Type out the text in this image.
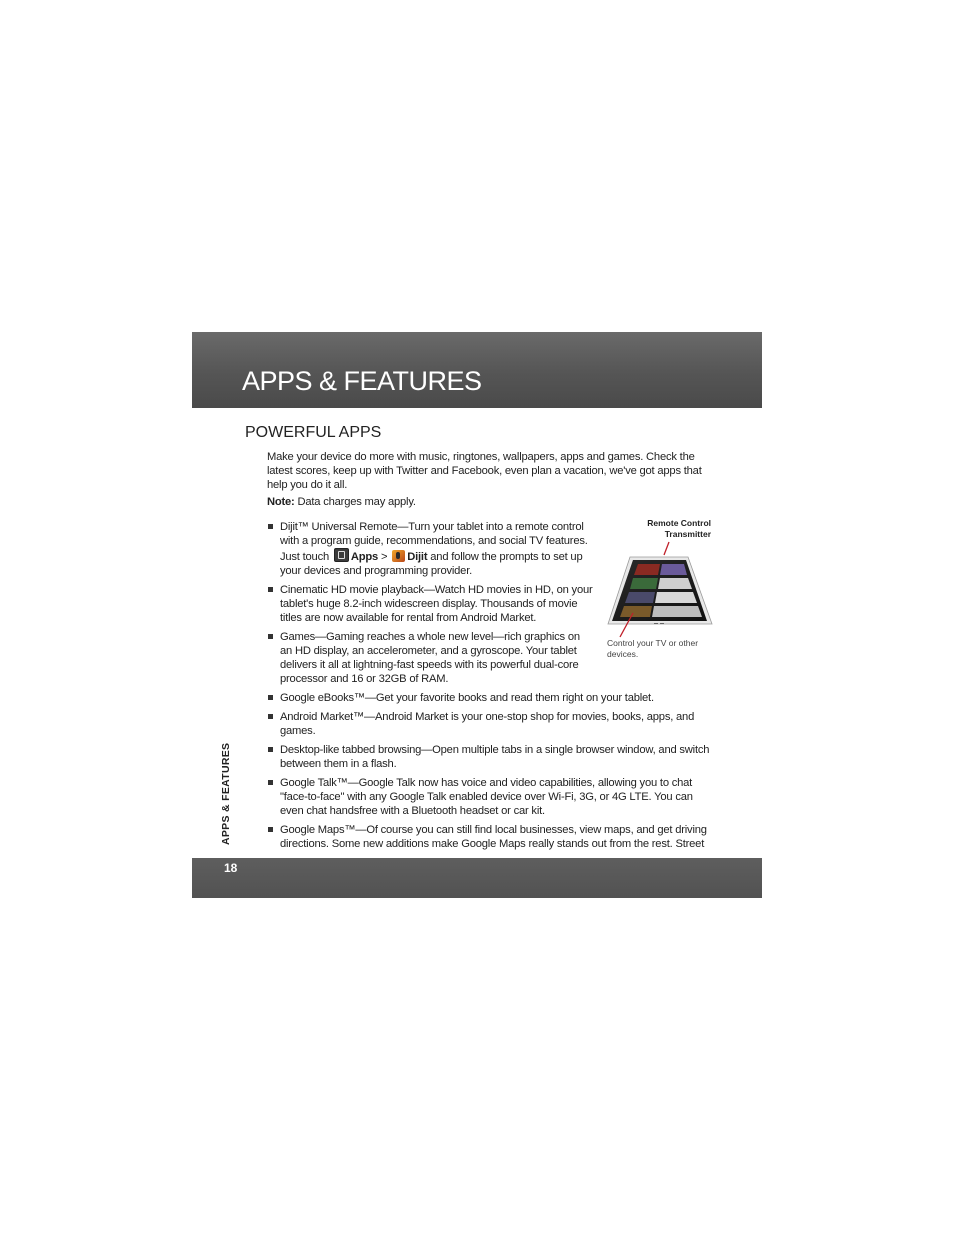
APPS & FEATURES
POWERFUL APPS

Make your device do more with music, ringtones, wallpapers, apps and games. Check the latest scores, keep up with Twitter and Facebook, even plan a vacation, we've got apps that help you do it all.

Note: Data charges may apply.

Dijit™ Universal Remote—Turn your tablet into a remote control with a program guide, recommendations, and social TV features. Just touch Apps > Dijit and follow the prompts to set up your devices and programming provider.
Cinematic HD movie playback—Watch HD movies in HD, on your tablet's huge 8.2-inch widescreen display. Thousands of movie titles are now available for rental from Android Market.
Games—Gaming reaches a whole new level—rich graphics on an HD display, an accelerometer, and a gyroscope. Your tablet delivers it all at lightning-fast speeds with its powerful dual-core processor and 16 or 32GB of RAM.
Google eBooks™—Get your favorite books and read them right on your tablet.
Android Market™—Android Market is your one-stop shop for movies, books, apps, and games.
Desktop-like tabbed browsing—Open multiple tabs in a single browser window, and switch between them in a flash.
Google Talk™—Google Talk now has voice and video capabilities, allowing you to chat "face-to-face" with any Google Talk enabled device over Wi-Fi, 3G, or 4G LTE. You can even chat handsfree with a Bluetooth headset or car kit.
Google Maps™—Of course you can still find local businesses, view maps, and get driving directions. Some new additions make Google Maps really stands out from the rest. Street
Remote Control
Transmitter
Control your TV or other devices.
APPS & FEATURES
18
